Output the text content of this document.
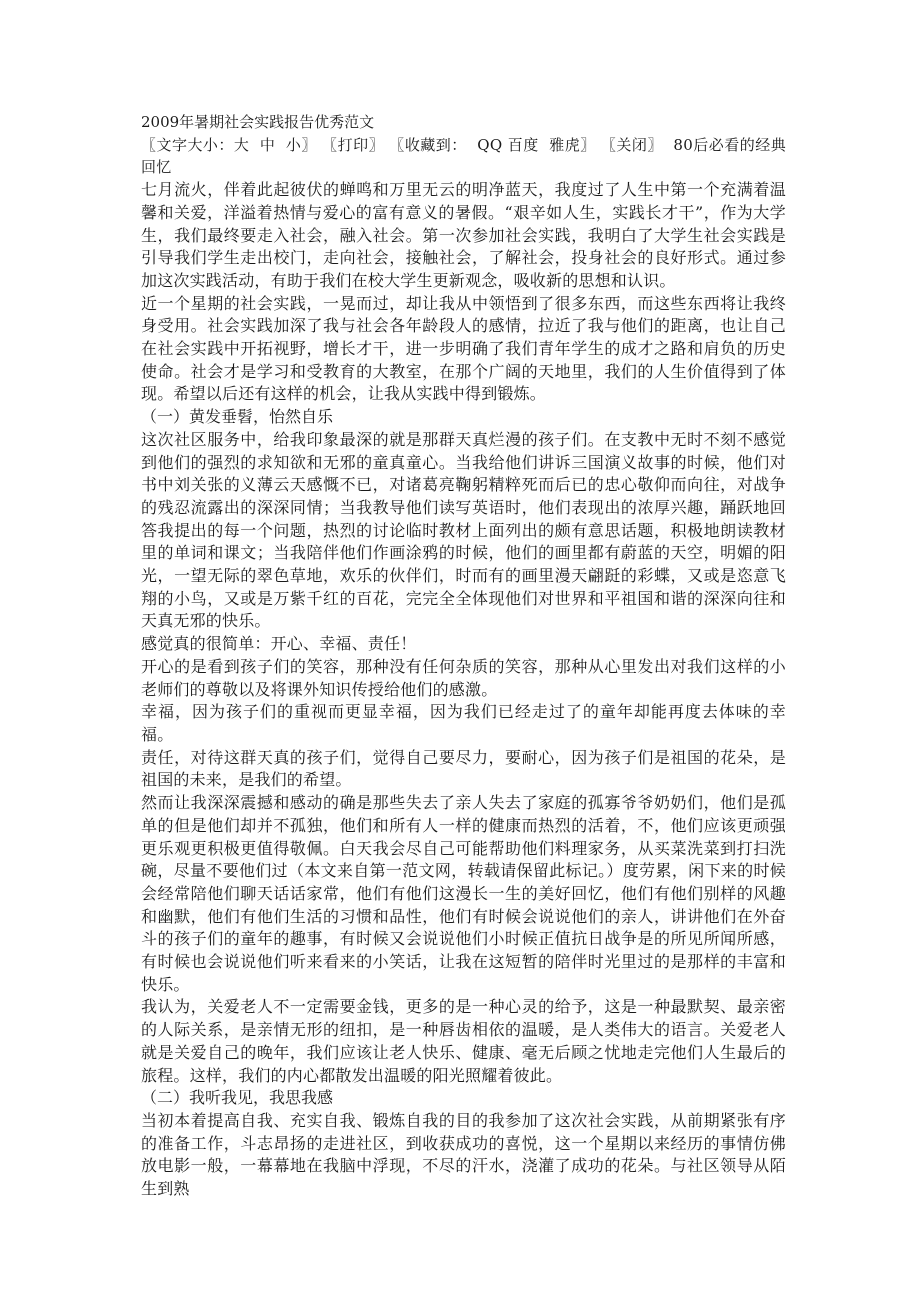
2009年暑期社会实践报告优秀范文
〖文字大小：大 中 小〗 〖打印〗 〖收藏到： QQ 百度 雅虎〗 〖关闭〗 80后必看的经典回忆

七月流火，伴着此起彼伏的蝉鸣和万里无云的明净蓝天，我度过了人生中第一个充满着温馨和关爱，洋溢着热情与爱心的富有意义的暑假。“艰辛如人生，实践长才干”，作为大学生，我们最终要走入社会，融入社会。第一次参加社会实践，我明白了大学生社会实践是引导我们学生走出校门，走向社会，接触社会，了解社会，投身社会的良好形式。通过参加这次实践活动，有助于我们在校大学生更新观念，吸收新的思想和认识。

近一个星期的社会实践，一晃而过，却让我从中领悟到了很多东西，而这些东西将让我终身受用。社会实践加深了我与社会各年龄段人的感情，拉近了我与他们的距离，也让自己在社会实践中开拓视野，增长才干，进一步明确了我们青年学生的成才之路和肩负的历史使命。社会才是学习和受教育的大教室，在那个广阔的天地里，我们的人生价值得到了体现。希望以后还有这样的机会，让我从实践中得到锻炼。

（一）黄发垂髫，怡然自乐

这次社区服务中，给我印象最深的就是那群天真烂漫的孩子们。在支教中无时不刻不感觉到他们的强烈的求知欲和无邪的童真童心。当我给他们讲诉三国演义故事的时候，他们对书中刘关张的义薄云天感慨不已，对诸葛亮鞠躬精粹死而后已的忠心敬仰而向往，对战争的残忍流露出的深深同情；当我教导他们读写英语时，他们表现出的浓厚兴趣，踊跃地回答我提出的每一个问题，热烈的讨论临时教材上面列出的颇有意思话题，积极地朗读教材里的单词和课文；当我陪伴他们作画涂鸦的时候，他们的画里都有蔚蓝的天空，明媚的阳光，一望无际的翠色草地，欢乐的伙伴们，时而有的画里漫天翩跹的彩蝶，又或是恣意飞翔的小鸟，又或是万紫千红的百花，完完全全体现他们对世界和平祖国和谐的深深向往和天真无邪的快乐。

感觉真的很简单：开心、幸福、责任！

开心的是看到孩子们的笑容，那种没有任何杂质的笑容，那种从心里发出对我们这样的小老师们的尊敬以及将课外知识传授给他们的感激。

幸福，因为孩子们的重视而更显幸福，因为我们已经走过了的童年却能再度去体味的幸福。

责任，对待这群天真的孩子们，觉得自己要尽力，要耐心，因为孩子们是祖国的花朵，是祖国的未来，是我们的希望。

然而让我深深震撼和感动的确是那些失去了亲人失去了家庭的孤寡爷爷奶奶们，他们是孤单的但是他们却并不孤独，他们和所有人一样的健康而热烈的活着，不，他们应该更顽强更乐观更积极更值得敬佩。白天我会尽自己可能帮助他们料理家务，从买菜洗菜到打扫洗碗，尽量不要他们过（本文来自第一范文网，转载请保留此标记。）度劳累，闲下来的时候会经常陪他们聊天话话家常，他们有他们这漫长一生的美好回忆，他们有他们别样的风趣和幽默，他们有他们生活的习惯和品性，他们有时候会说说他们的亲人，讲讲他们在外奋斗的孩子们的童年的趣事，有时候又会说说他们小时候正值抗日战争是的所见所闻所感，有时候也会说说他们听来看来的小笑话，让我在这短暂的陪伴时光里过的是那样的丰富和快乐。

我认为，关爱老人不一定需要金钱，更多的是一种心灵的给予，这是一种最默契、最亲密的人际关系，是亲情无形的纽扣，是一种唇齿相依的温暖，是人类伟大的语言。关爱老人就是关爱自己的晚年，我们应该让老人快乐、健康、毫无后顾之忧地走完他们人生最后的旅程。这样，我们的内心都散发出温暖的阳光照耀着彼此。

（二）我听我见，我思我感

当初本着提高自我、充实自我、锻炼自我的目的我参加了这次社会实践，从前期紧张有序的准备工作，斗志昂扬的走进社区，到收获成功的喜悦，这一个星期以来经历的事情仿佛放电影一般，一幕幕地在我脑中浮现，不尽的汗水，浇灌了成功的花朵。与社区领导从陌生到熟
